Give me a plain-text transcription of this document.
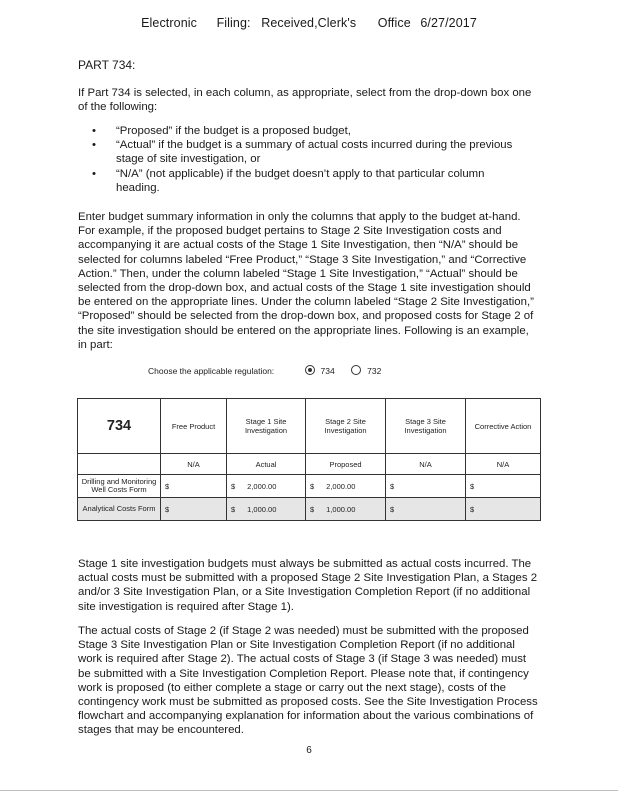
Electronic Filing: Received,Clerk's Office 6/27/2017
PART 734:
If Part 734 is selected, in each column, as appropriate, select from the drop-down box one of the following:
• “Proposed” if the budget is a proposed budget,
• “Actual” if the budget is a summary of actual costs incurred during the previous stage of site investigation, or
• “N/A” (not applicable) if the budget doesn’t apply to that particular column heading.
Enter budget summary information in only the columns that apply to the budget at-hand. For example, if the proposed budget pertains to Stage 2 Site Investigation costs and accompanying it are actual costs of the Stage 1 Site Investigation, then “N/A” should be selected for columns labeled “Free Product,” “Stage 3 Site Investigation,” and “Corrective Action.” Then, under the column labeled “Stage 1 Site Investigation,” “Actual” should be selected from the drop-down box, and actual costs of the Stage 1 site investigation should be entered on the appropriate lines. Under the column labeled “Stage 2 Site Investigation,” “Proposed” should be selected from the drop-down box, and proposed costs for Stage 2 of the site investigation should be entered on the appropriate lines. Following is an example, in part:
Choose the applicable regulation:	734	732
734	Free Product	Stage 1 Site Investigation	Stage 2 Site Investigation	Stage 3 Site Investigation	Corrective Action
	N/A	Actual	Proposed	N/A	N/A
Drilling and Monitoring Well Costs Form	$	$ 2,000.00	$ 2,000.00	$	$
Analytical Costs Form	$	$ 1,000.00	$ 1,000.00	$	$
Stage 1 site investigation budgets must always be submitted as actual costs incurred. The actual costs must be submitted with a proposed Stage 2 Site Investigation Plan, a Stages 2 and/or 3 Site Investigation Plan, or a Site Investigation Completion Report (if no additional site investigation is required after Stage 1).
The actual costs of Stage 2 (if Stage 2 was needed) must be submitted with the proposed Stage 3 Site Investigation Plan or Site Investigation Completion Report (if no additional work is required after Stage 2). The actual costs of Stage 3 (if Stage 3 was needed) must be submitted with a Site Investigation Completion Report. Please note that, if contingency work is proposed (to either complete a stage or carry out the next stage), costs of the contingency work must be submitted as proposed costs. See the Site Investigation Process flowchart and accompanying explanation for information about the various combinations of stages that may be encountered.
6
